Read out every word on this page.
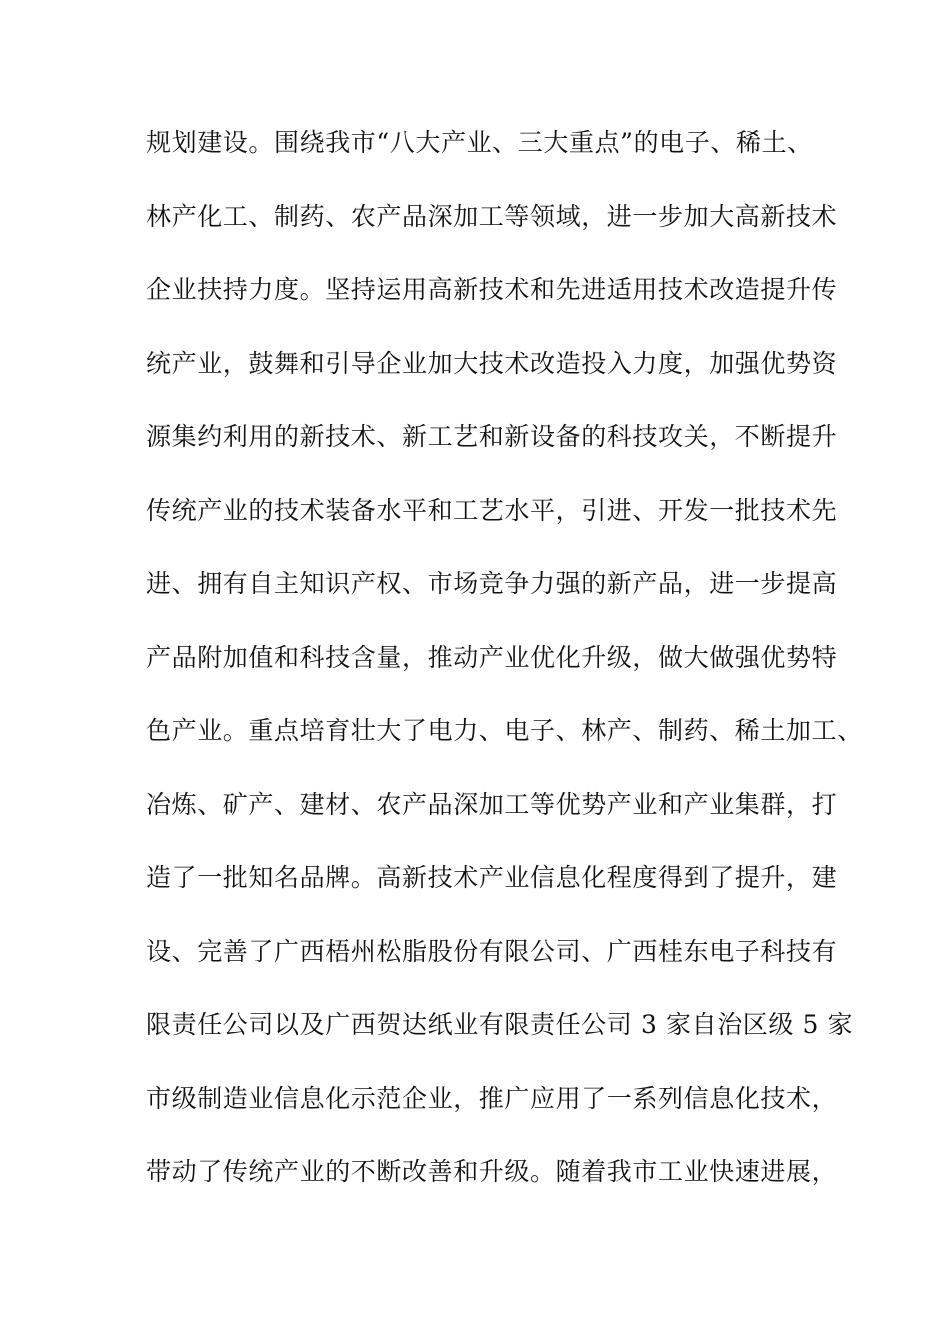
规划建设。围绕我市“八大产业、三大重点”的电子、稀土、
林产化工、制药、农产品深加工等领域，进一步加大高新技术
企业扶持力度。坚持运用高新技术和先进适用技术改造提升传
统产业，鼓舞和引导企业加大技术改造投入力度，加强优势资
源集约利用的新技术、新工艺和新设备的科技攻关，不断提升
传统产业的技术装备水平和工艺水平，引进、开发一批技术先
进、拥有自主知识产权、市场竞争力强的新产品，进一步提高
产品附加值和科技含量，推动产业优化升级，做大做强优势特
色产业。重点培育壮大了电力、电子、林产、制药、稀土加工、
冶炼、矿产、建材、农产品深加工等优势产业和产业集群，打
造了一批知名品牌。高新技术产业信息化程度得到了提升，建
设、完善了广西梧州松脂股份有限公司、广西桂东电子科技有
限责任公司以及广西贺达纸业有限责任公司 3 家自治区级 5 家
市级制造业信息化示范企业，推广应用了一系列信息化技术，
带动了传统产业的不断改善和升级。随着我市工业快速进展，
